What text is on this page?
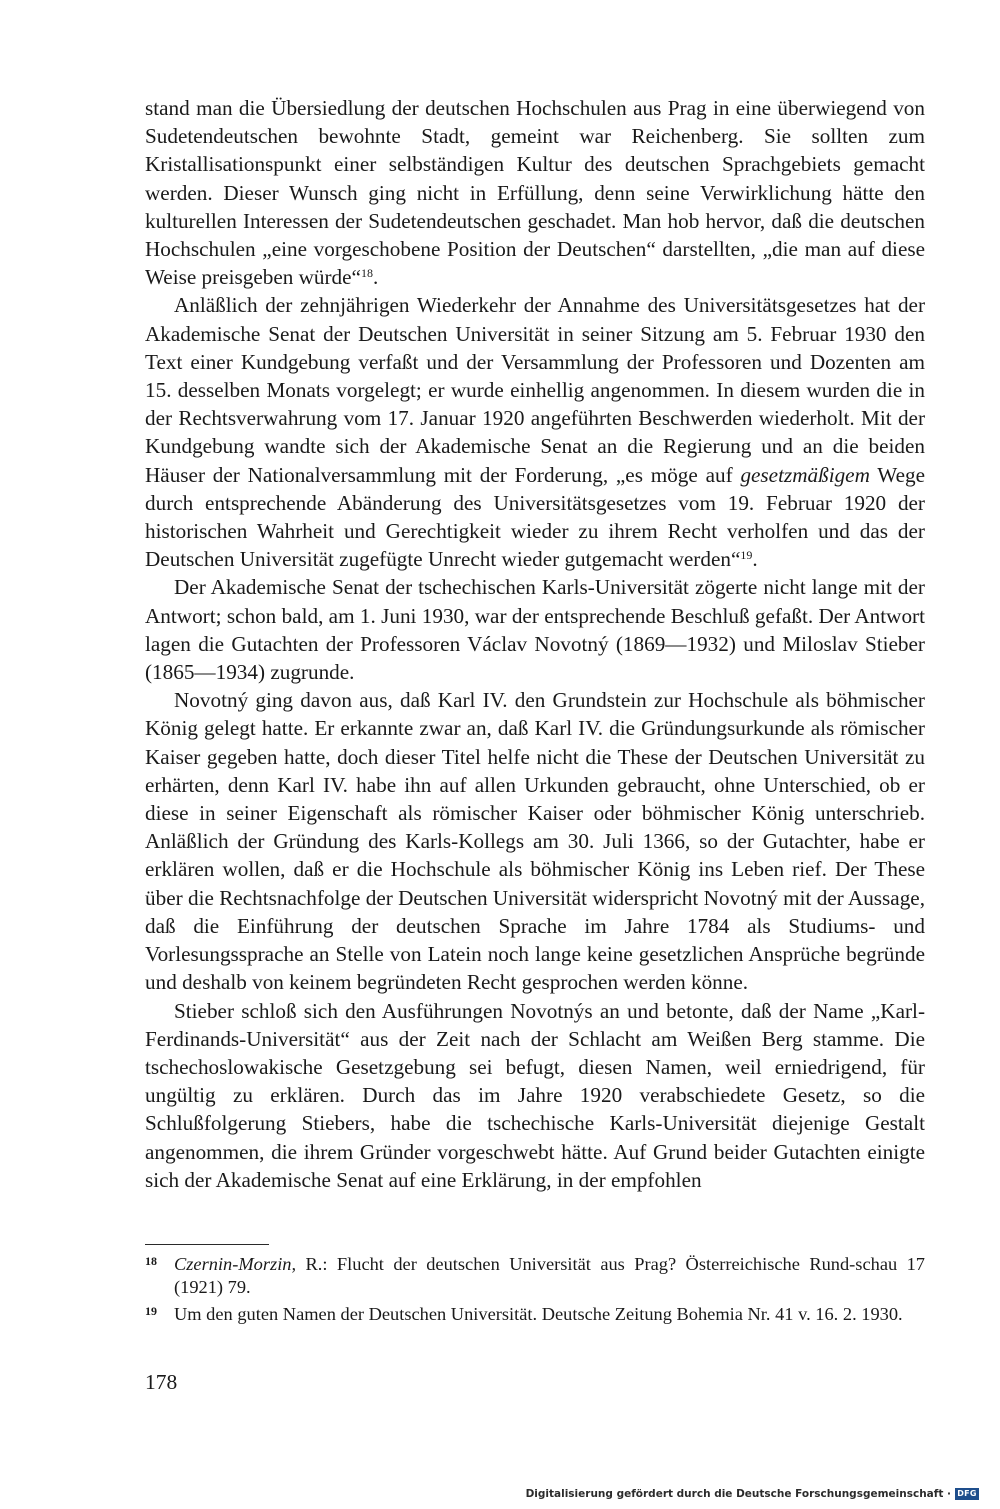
stand man die Übersiedlung der deutschen Hochschulen aus Prag in eine überwiegend von Sudetendeutschen bewohnte Stadt, gemeint war Reichenberg. Sie sollten zum Kristallisationspunkt einer selbständigen Kultur des deutschen Sprachgebiets gemacht werden. Dieser Wunsch ging nicht in Erfüllung, denn seine Verwirklichung hätte den kulturellen Interessen der Sudetendeutschen geschadet. Man hob hervor, daß die deutschen Hochschulen „eine vorgeschobene Position der Deutschen“ darstellten, „die man auf diese Weise preisgeben würde“$^{18}$.

Anläßlich der zehnjährigen Wiederkehr der Annahme des Universitätsgesetzes hat der Akademische Senat der Deutschen Universität in seiner Sitzung am 5. Februar 1930 den Text einer Kundgebung verfaßt und der Versammlung der Professoren und Dozenten am 15. desselben Monats vorgelegt; er wurde einhellig angenommen. In diesem wurden die in der Rechtsverwahrung vom 17. Januar 1920 angeführten Beschwerden wiederholt. Mit der Kundgebung wandte sich der Akademische Senat an die Regierung und an die beiden Häuser der Nationalversammlung mit der Forderung, „es möge auf gesetzmäßigem Wege durch entsprechende Abänderung des Universitätsgesetzes vom 19. Februar 1920 der historischen Wahrheit und Gerechtigkeit wieder zu ihrem Recht verholfen und das der Deutschen Universität zugefügte Unrecht wieder gutgemacht werden“$^{19}$.

Der Akademische Senat der tschechischen Karls-Universität zögerte nicht lange mit der Antwort; schon bald, am 1. Juni 1930, war der entsprechende Beschluß gefaßt. Der Antwort lagen die Gutachten der Professoren Václav Novotný (1869—1932) und Miloslav Stieber (1865—1934) zugrunde.

Novotný ging davon aus, daß Karl IV. den Grundstein zur Hochschule als böhmischer König gelegt hatte. Er erkannte zwar an, daß Karl IV. die Gründungsurkunde als römischer Kaiser gegeben hatte, doch dieser Titel helfe nicht die These der Deutschen Universität zu erhärten, denn Karl IV. habe ihn auf allen Urkunden gebraucht, ohne Unterschied, ob er diese in seiner Eigenschaft als römischer Kaiser oder böhmischer König unterschrieb. Anläßlich der Gründung des Karls-Kollegs am 30. Juli 1366, so der Gutachter, habe er erklären wollen, daß er die Hochschule als böhmischer König ins Leben rief. Der These über die Rechtsnachfolge der Deutschen Universität widerspricht Novotný mit der Aussage, daß die Einführung der deutschen Sprache im Jahre 1784 als Studiums- und Vorlesungssprache an Stelle von Latein noch lange keine gesetzlichen Ansprüche begründe und deshalb von keinem begründeten Recht gesprochen werden könne.

Stieber schloß sich den Ausführungen Novotnýs an und betonte, daß der Name „Karl-Ferdinands-Universität“ aus der Zeit nach der Schlacht am Weißen Berg stamme. Die tschechoslowakische Gesetzgebung sei befugt, diesen Namen, weil erniedrigend, für ungültig zu erklären. Durch das im Jahre 1920 verabschiedete Gesetz, so die Schlußfolgerung Stiebers, habe die tschechische Karls-Universität diejenige Gestalt angenommen, die ihrem Gründer vorgeschwebt hätte. Auf Grund beider Gutachten einigte sich der Akademische Senat auf eine Erklärung, in der empfohlen

18 Czernin-Morzin, R.: Flucht der deutschen Universität aus Prag? Österreichische Rund-schau 17 (1921) 79.
19 Um den guten Namen der Deutschen Universität. Deutsche Zeitung Bohemia Nr. 41 v. 16. 2. 1930.
178
Digitalisierung gefördert durch die Deutsche Forschungsgemeinschaft · DFG
